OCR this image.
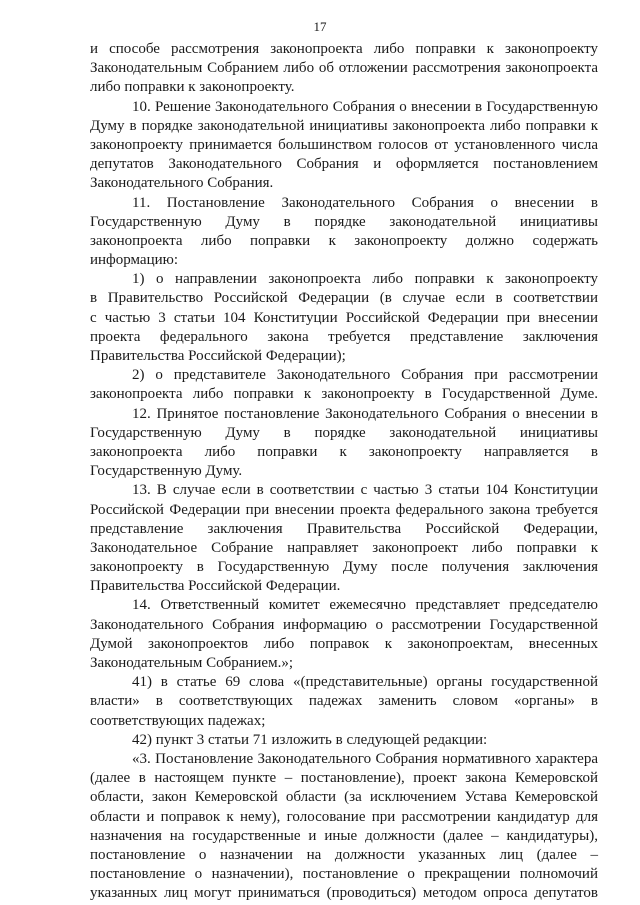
17
и способе рассмотрения законопроекта либо поправки к законопроекту
Законодательным Собранием либо об отложении рассмотрения законопроекта
либо поправки к законопроекту.
10. Решение Законодательного Собрания о внесении в Государственную
Думу в порядке законодательной инициативы законопроекта либо поправки к
законопроекту принимается большинством голосов от установленного числа
депутатов Законодательного Собрания и оформляется постановлением
Законодательного Собрания.
11. Постановление Законодательного Собрания о внесении в
Государственную Думу в порядке законодательной инициативы
законопроекта либо поправки к законопроекту должно содержать
информацию:
1) о направлении законопроекта либо поправки к законопроекту
в Правительство Российской Федерации (в случае если в соответствии
с частью 3 статьи 104 Конституции Российской Федерации при внесении
проекта федерального закона требуется представление заключения
Правительства Российской Федерации);
2) о представителе Законодательного Собрания при рассмотрении
законопроекта либо поправки к законопроекту в Государственной Думе.
12. Принятое постановление Законодательного Собрания о внесении в
Государственную Думу в порядке законодательной инициативы
законопроекта либо поправки к законопроекту направляется в
Государственную Думу.
13. В случае если в соответствии с частью 3 статьи 104 Конституции
Российской Федерации при внесении проекта федерального закона требуется
представление заключения Правительства Российской Федерации,
Законодательное Собрание направляет законопроект либо поправки к
законопроекту в Государственную Думу после получения заключения
Правительства Российской Федерации.
14. Ответственный комитет ежемесячно представляет председателю
Законодательного Собрания информацию о рассмотрении Государственной
Думой законопроектов либо поправок к законопроектам, внесенных
Законодательным Собранием.»;
41) в статье 69 слова «(представительные) органы государственной
власти» в соответствующих падежах заменить словом «органы» в
соответствующих падежах;
42) пункт 3 статьи 71 изложить в следующей редакции:
«3. Постановление Законодательного Собрания нормативного характера
(далее в настоящем пункте – постановление), проект закона Кемеровской
области, закон Кемеровской области (за исключением Устава Кемеровской
области и поправок к нему), голосование при рассмотрении кандидатур для
назначения на государственные и иные должности (далее – кандидатуры),
постановление о назначении на должности указанных лиц (далее –
постановление о назначении), постановление о прекращении полномочий
указанных лиц могут приниматься (проводиться) методом опроса депутатов
